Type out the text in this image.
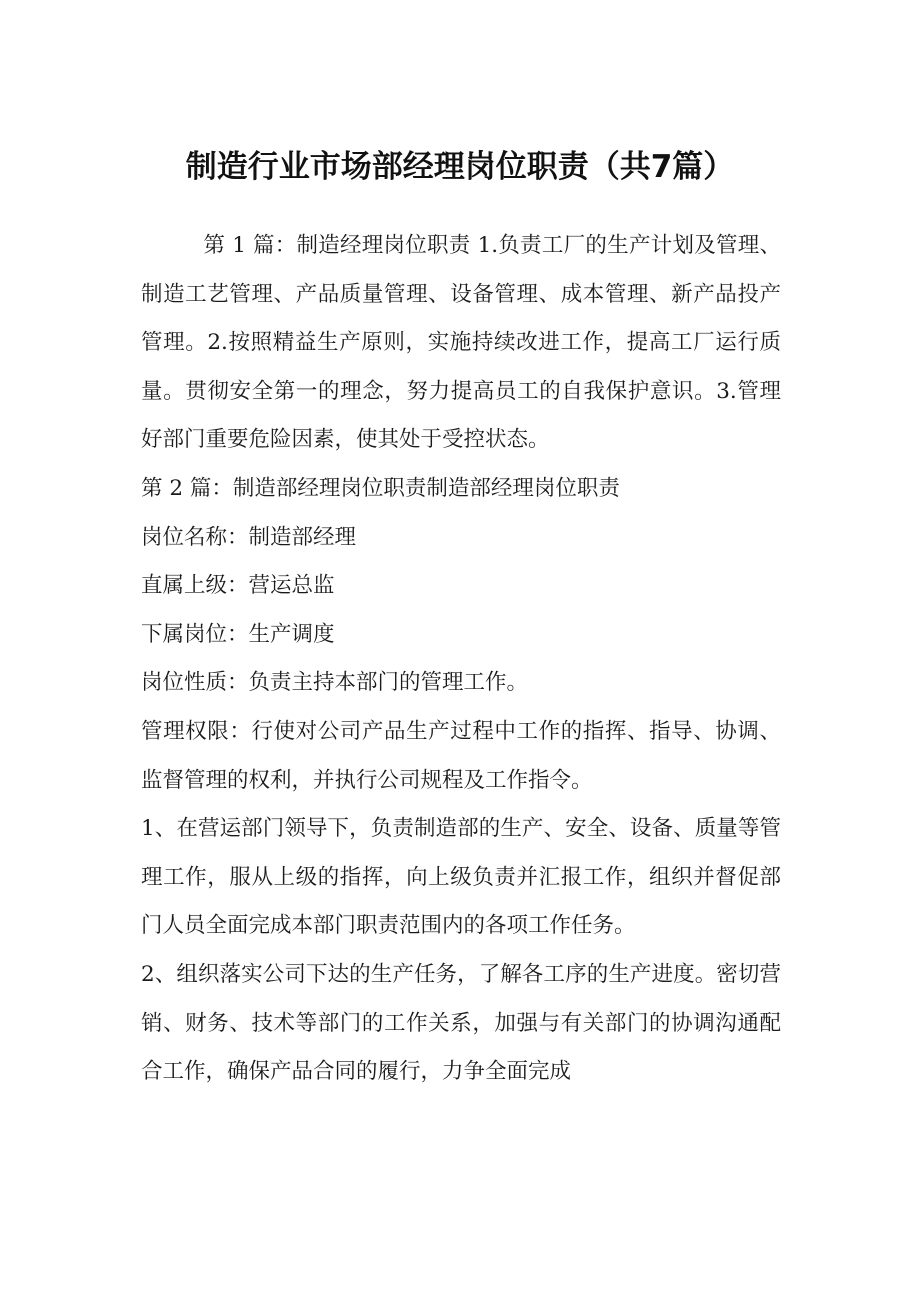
制造行业市场部经理岗位职责（共7篇）

第 1 篇：制造经理岗位职责 1.负责工厂的生产计划及管理、制造工艺管理、产品质量管理、设备管理、成本管理、新产品投产管理。2.按照精益生产原则，实施持续改进工作，提高工厂运行质量。贯彻安全第一的理念，努力提高员工的自我保护意识。3.管理好部门重要危险因素，使其处于受控状态。

第 2 篇：制造部经理岗位职责制造部经理岗位职责

岗位名称：制造部经理

直属上级：营运总监

下属岗位：生产调度

岗位性质：负责主持本部门的管理工作。

管理权限：行使对公司产品生产过程中工作的指挥、指导、协调、监督管理的权利，并执行公司规程及工作指令。

1、在营运部门领导下，负责制造部的生产、安全、设备、质量等管理工作，服从上级的指挥，向上级负责并汇报工作，组织并督促部门人员全面完成本部门职责范围内的各项工作任务。

2、组织落实公司下达的生产任务，了解各工序的生产进度。密切营销、财务、技术等部门的工作关系，加强与有关部门的协调沟通配合工作，确保产品合同的履行，力争全面完成
